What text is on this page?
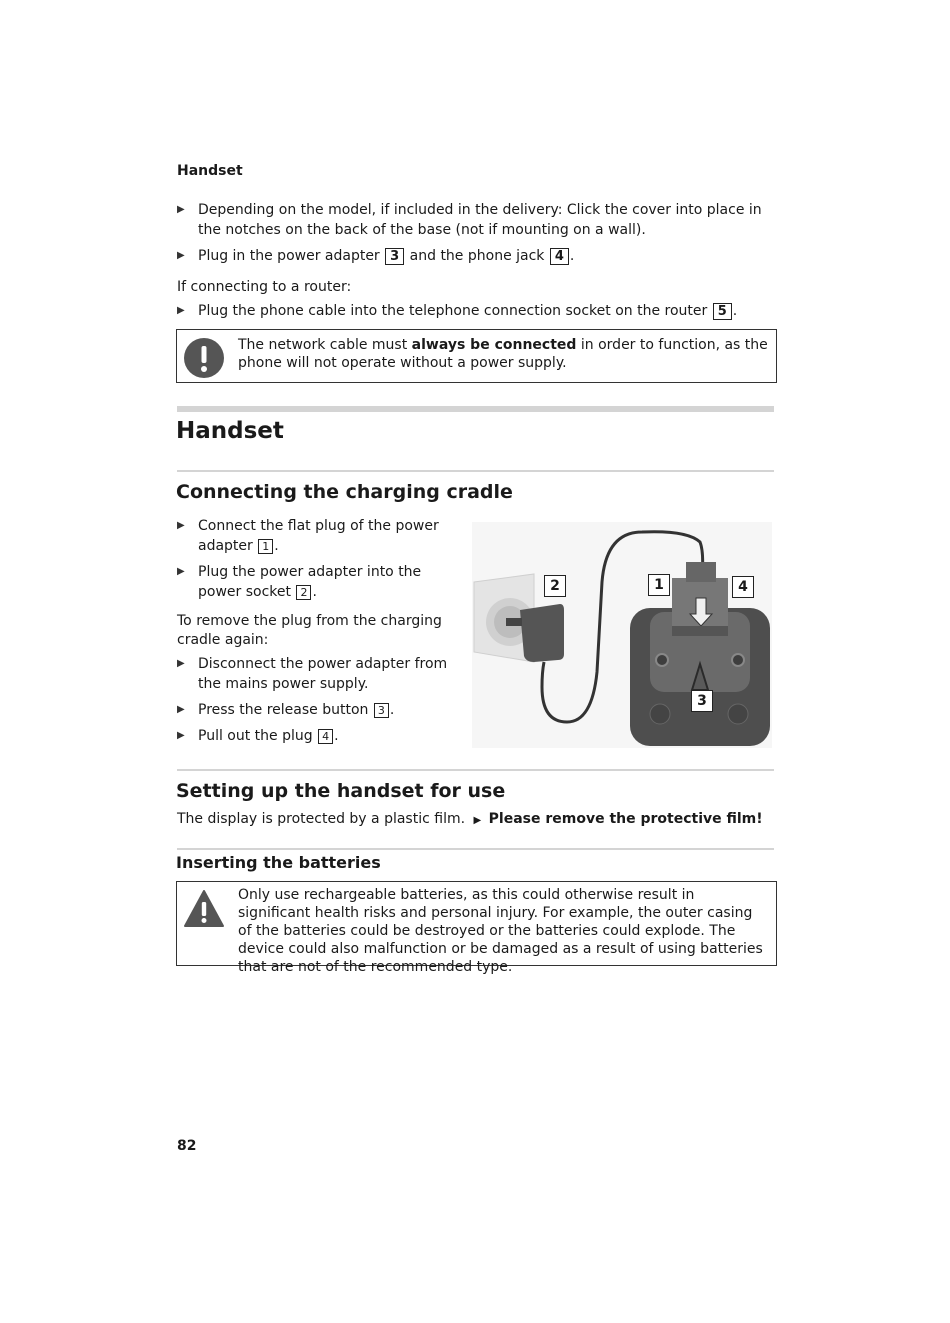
Handset
▶ Depending on the model, if included in the delivery: Click the cover into place in the notches on the back of the base (not if mounting on a wall).
▶ Plug in the power adapter 3 and the phone jack 4 .
If connecting to a router:
▶ Plug the phone cable into the telephone connection socket on the router 5 .
The network cable must always be connected in order to function, as the phone will not operate without a power supply.
Handset
Connecting the charging cradle
▶ Connect the flat plug of the power adapter 1 .
▶ Plug the power adapter into the power socket 2 .
To remove the plug from the charging cradle again:
▶ Disconnect the power adapter from the mains power supply.
▶ Press the release button 3 .
▶ Pull out the plug 4 .
2	1	4
3
Setting up the handset for use
The display is protected by a plastic film. ▶ Please remove the protective film!
Inserting the batteries
Only use rechargeable batteries, as this could otherwise result in significant health risks and personal injury. For example, the outer casing of the batteries could be destroyed or the batteries could explode. The device could also malfunction or be damaged as a result of using batteries that are not of the recommended type.
82
